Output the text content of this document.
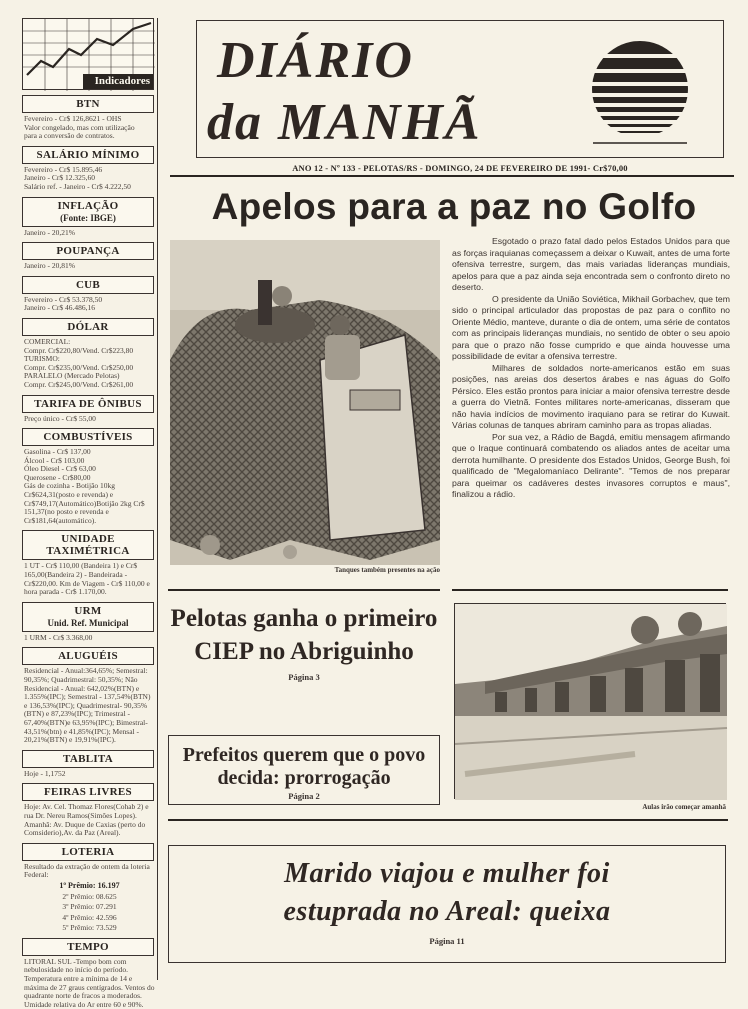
Indicadores
BTN
Fevereiro - Cr$ 126,8621 - OHS
Valor congelado, mas com utilização
para a conversão de contratos.
SALÁRIO MÍNIMO
Fevereiro - Cr$ 15.895,46
Janeiro - Cr$ 12.325,60
Salário ref. - Janeiro - Cr$ 4.222,50
INFLAÇÃO
(Fonte: IBGE)
Janeiro - 20,21%
POUPANÇA
Janeiro - 20,81%
CUB
Fevereiro - Cr$ 53.378,50
Janeiro - Cr$ 46.486,16
DÓLAR
COMERCIAL:
Compr. Cr$220,80/Vend. Cr$223,80
TURISMO:
Compr. Cr$235,00/Vend. Cr$250,00
PARALELO (Mercado Pelotas)
Compr. Cr$245,00/Vend. Cr$261,00
TARIFA DE ÔNIBUS
Preço único - Cr$ 55,00
COMBUSTÍVEIS
Gasolina - Cr$ 137,00
Álcool - Cr$ 103,00
Óleo Diesel - Cr$ 63,00
Querosene - Cr$80,00
Gás de cozinha - Botijão 10kg Cr$624,31(posto e revenda) e Cr$749,17(Automático)Botijão 2kg Cr$ 151,37(no posto e revenda e Cr$181,64(automático).
UNIDADE TAXIMÉTRICA
1 UT - Cr$ 110,00 (Bandeira 1) e Cr$ 165,00(Bandeira 2) - Bandeirada - Cr$220,00. Km de Viagem - Cr$ 110,00 e hora parada - Cr$ 1.170,00.
URM
Unid. Ref. Municipal
1 URM - Cr$ 3.368,00
ALUGUÉIS
Residencial - Anual:364,65%; Semestral: 90,35%; Quadrimestral: 50,35%; Não Residencial - Anual: 642,02%(BTN) e 1.355%(IPC); Semestral - 137,54%(BTN) e 136,53%(IPC); Quadrimestral- 90,35%(BTN) e 87,23%(IPC); Trimestral - 67,40%(BTN)e 63,95%(IPC); Bimestral- 43,51%(btn) e 41,85%(IPC); Mensal - 20,21%(BTN) e 19,91%(IPC).
TABLITA
Hoje - 1,1752
FEIRAS LIVRES
Hoje: Av. Cel. Thomaz Flores(Cohab 2) e rua Dr. Nereu Ramos(Simões Lopes).
Amanhã: Av. Duque de Caxias (perto do Comsiderio),Av. da Paz (Areal).
LOTERIA
Resultado da extração de ontem da loteria Federal:
1º Prêmio: 16.197
2º Prêmio: 08.625
3º Prêmio: 07.291
4º Prêmio: 42.596
5º Prêmio: 73.529
TEMPO
LITORAL SUL -Tempo bom com nebulosidade no início do período. Temperatura entre a mínima de 14 e máxima de 27 graus centígrados. Ventos do quadrante norte de fracos a moderados. Umidade relativa do Ar entre 60 e 90%.
DIÁRIO
da MANHÃ
ANO 12 - Nº 133 - PELOTAS/RS - DOMINGO, 24 DE FEVEREIRO DE 1991- Cr$70,00
Apelos para a paz no Golfo
Tanques também presentes na ação

Esgotado o prazo fatal dado pelos Estados Unidos para que as forças iraquianas começassem a deixar o Kuwait, antes de uma forte ofensiva terrestre, surgem, das mais variadas lideranças mundiais, apelos para que a paz ainda seja encontrada sem o confronto direto no deserto.

O presidente da União Soviética, Mikhail Gorbachev, que tem sido o principal articulador das propostas de paz para o conflito no Oriente Médio, manteve, durante o dia de ontem, uma série de contatos com as principais lideranças mundiais, no sentido de obter o seu apoio para que o prazo não fosse cumprido e que ainda houvesse uma possibilidade de evitar a ofensiva terrestre.

Milhares de soldados norte-americanos estão em suas posições, nas areias dos desertos árabes e nas águas do Golfo Pérsico. Eles estão prontos para iniciar a maior ofensiva terrestre desde a guerra do Vietnã. Fontes militares norte-americanas, disseram que não havia indícios de movimento iraquiano para se retirar do Kuwait. Várias colunas de tanques abriram caminho para as tropas aliadas.

Por sua vez, a Rádio de Bagdá, emitiu mensagem afirmando que o Iraque continuará combatendo os aliados antes de aceitar uma derrota humilhante. O presidente dos Estados Unidos, George Bush, foi qualificado de "Megalomaníaco Delirante". "Temos de nos preparar para queimar os cadáveres destes invasores corruptos e maus", finalizou a rádio.

Pelotas ganha o primeiro CIEP no Abriguinho
Página 3
Aulas irão começar amanhã
Prefeitos querem que o povo decida: prorrogação
Página 2
Marido viajou e mulher foi estuprada no Areal: queixa
Página 11
